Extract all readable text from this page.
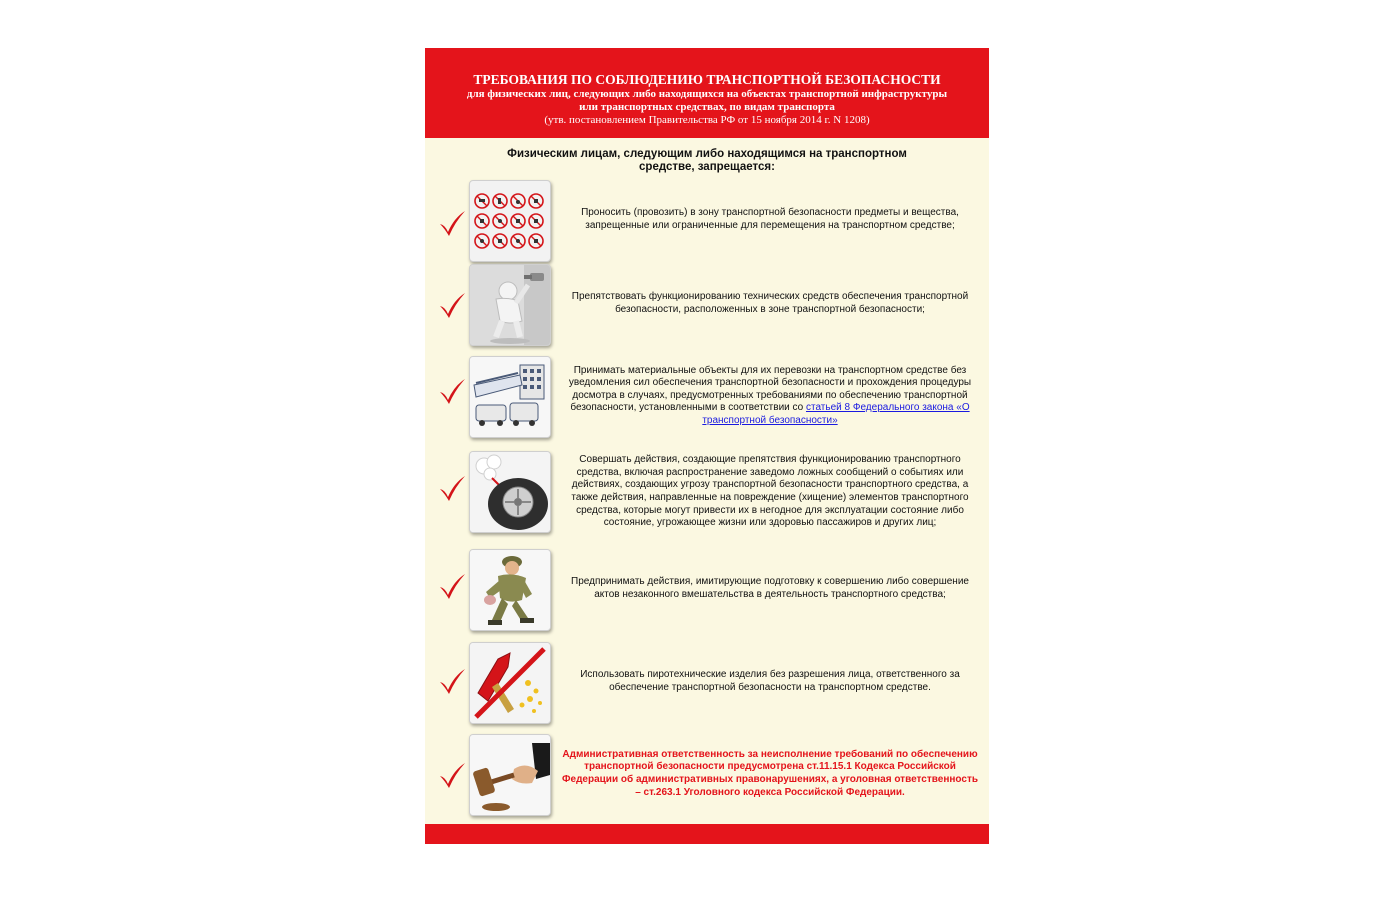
ТРЕБОВАНИЯ ПО СОБЛЮДЕНИЮ ТРАНСПОРТНОЙ БЕЗОПАСНОСТИ
для физических лиц, следующих либо находящихся на объектах транспортной инфраструктуры или транспортных средствах, по видам транспорта
(утв. постановлением Правительства РФ от 15 ноября 2014 г. N 1208)
Физическим лицам, следующим либо находящимся на транспортном средстве, запрещается:
Проносить (провозить) в зону транспортной безопасности предметы и вещества, запрещенные или ограниченные для перемещения на транспортном средстве;
Препятствовать функционированию технических средств обеспечения транспортной безопасности, расположенных в зоне транспортной безопасности;
Принимать материальные объекты для их перевозки на транспортном средстве без уведомления сил обеспечения транспортной безопасности и прохождения процедуры досмотра в случаях, предусмотренных требованиями по обеспечению транспортной безопасности, установленными в соответствии со статьей 8 Федерального закона «О транспортной безопасности»
Совершать действия, создающие препятствия функционированию транспортного средства, включая распространение заведомо ложных сообщений о событиях или действиях, создающих угрозу транспортной безопасности транспортного средства, а также действия, направленные на повреждение (хищение) элементов транспортного средства, которые могут привести их в негодное для эксплуатации состояние либо состояние, угрожающее жизни или здоровью пассажиров и других лиц;
Предпринимать действия, имитирующие подготовку к совершению либо совершение актов незаконного вмешательства в деятельность транспортного средства;
Использовать пиротехнические изделия без разрешения лица, ответственного за обеспечение транспортной безопасности на транспортном средстве.
Административная ответственность за неисполнение требований по обеспечению транспортной безопасности предусмотрена ст.11.15.1 Кодекса Российской Федерации об административных правонарушениях, а уголовная ответственность – ст.263.1 Уголовного кодекса Российской Федерации.
